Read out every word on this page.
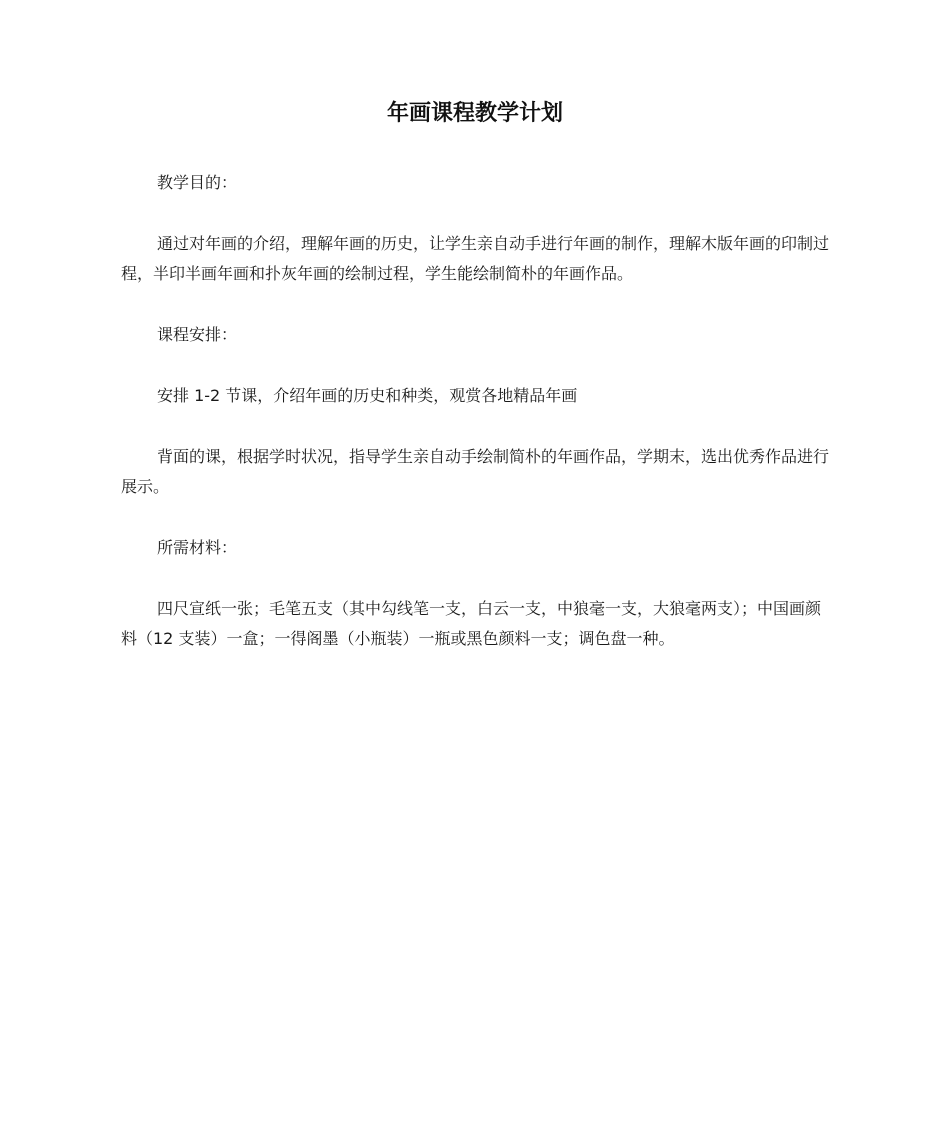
年画课程教学计划

教学目的：

通过对年画的介绍，理解年画的历史，让学生亲自动手进行年画的制作，理解木版年画的印制过程，半印半画年画和扑灰年画的绘制过程，学生能绘制简朴的年画作品。

课程安排：

安排 1-2 节课，介绍年画的历史和种类，观赏各地精品年画

背面的课，根据学时状况，指导学生亲自动手绘制简朴的年画作品，学期末，选出优秀作品进行展示。

所需材料：

四尺宣纸一张；毛笔五支（其中勾线笔一支，白云一支，中狼毫一支，大狼毫两支）；中国画颜料（12 支装）一盒；一得阁墨（小瓶装）一瓶或黑色颜料一支；调色盘一种。
